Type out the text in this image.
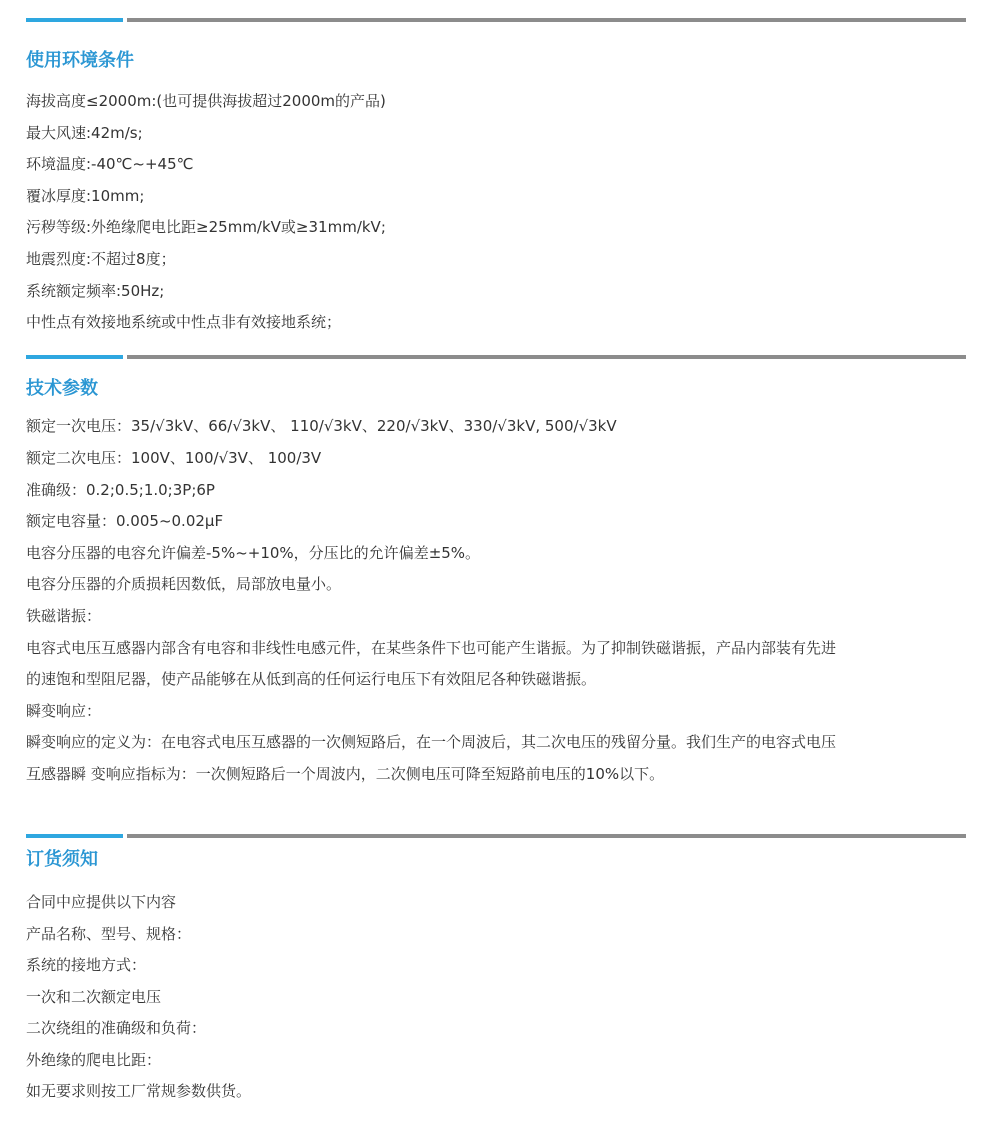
使用环境条件

海拔高度≤2000m:(也可提供海拔超过2000m的产品)

最大风速:42m/s;

环境温度:-40℃~+45℃

覆冰厚度:10mm;

污秽等级:外绝缘爬电比距≥25mm/kV或≥31mm/kV;

地震烈度:不超过8度；

系统额定频率:50Hz;

中性点有效接地系统或中性点非有效接地系统；

技术参数

额定一次电压：35/√3kV、66/√3kV、 110/√3kV、220/√3kV、330/√3kV, 500/√3kV

额定二次电压：100V、100/√3V、 100/3V

准确级：0.2;0.5;1.0;3P;6P

额定电容量：0.005~0.02μF

电容分压器的电容允许偏差-5%~+10%，分压比的允许偏差±5%。

电容分压器的介质损耗因数低，局部放电量小。

铁磁谐振：

电容式电压互感器内部含有电容和非线性电感元件，在某些条件下也可能产生谐振。为了抑制铁磁谐振，产品内部装有先进

的速饱和型阻尼器，使产品能够在从低到高的任何运行电压下有效阻尼各种铁磁谐振。

瞬变响应：

瞬变响应的定义为：在电容式电压互感器的一次侧短路后，在一个周波后，其二次电压的残留分量。我们生产的电容式电压

互感器瞬 变响应指标为：一次侧短路后一个周波内，二次侧电压可降至短路前电压的10%以下。

订货须知

合同中应提供以下内容

产品名称、型号、规格：

系统的接地方式：

一次和二次额定电压

二次绕组的准确级和负荷：

外绝缘的爬电比距：

如无要求则按工厂常规参数供货。
